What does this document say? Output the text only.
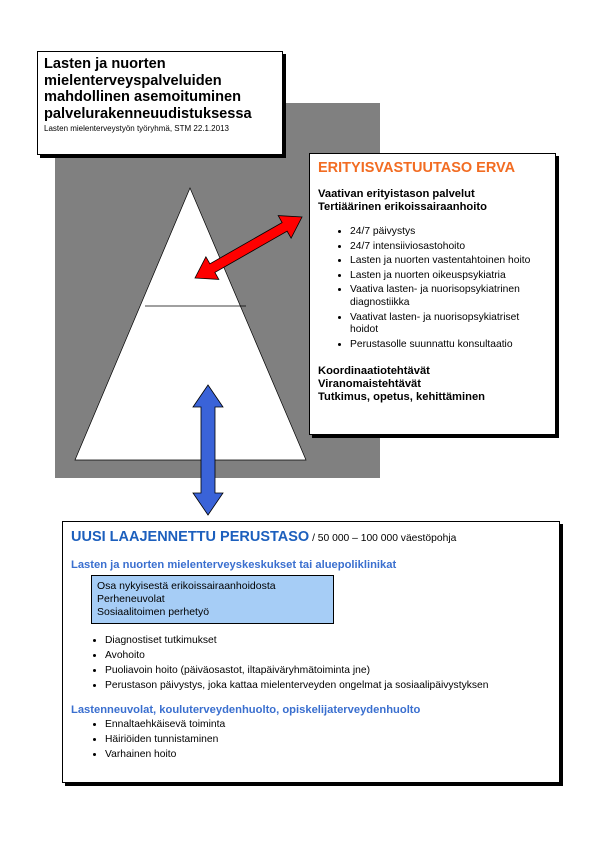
Lasten ja nuorten mielenterveyspalveluiden mahdollinen asemoituminen palvelurakenneuudistuksessa
Lasten mielenterveystyön työryhmä, STM 22.1.2013
ERITYISVASTUUTASO ERVA
Vaativan erityistason palvelut
Tertiäärinen erikoissairaanhoito
• 24/7 päivystys
• 24/7 intensiiviosastohoito
• Lasten ja nuorten vastentahtoinen hoito
• Lasten ja nuorten oikeuspsykiatria
• Vaativa lasten- ja nuorisopsykiatrinen diagnostiikka
• Vaativat lasten- ja nuorisopsykiatriset hoidot
• Perustasolle suunnattu konsultaatio
Koordinaatiotehtävät
Viranomaistehtävät
Tutkimus, opetus, kehittäminen
UUSI LAAJENNETTU PERUSTASO / 50 000 – 100 000 väestöpohja
Lasten ja nuorten mielenterveyskeskukset tai aluepoliklinikat
Osa nykyisestä erikoissairaanhoidosta
Perheneuvolat
Sosiaalitoimen perhetyö
• Diagnostiset tutkimukset
• Avohoito
• Puoliavoin hoito (päiväosastot, iltapäiväryhmätoiminta jne)
• Perustason päivystys, joka kattaa mielenterveyden ongelmat ja sosiaalipäivystyksen
Lastenneuvolat, kouluterveydenhuolto, opiskelijaterveydenhuolto
• Ennaltaehkäisevä toiminta
• Häiriöiden tunnistaminen
• Varhainen hoito
